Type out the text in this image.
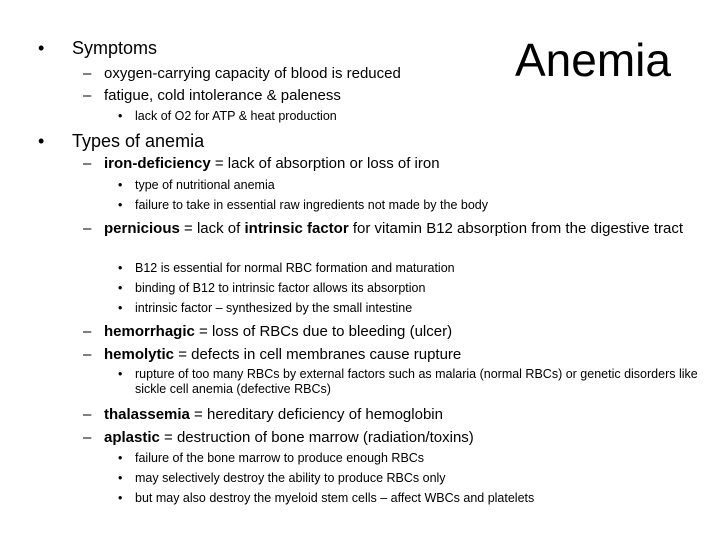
Anemia
• Symptoms
– oxygen-carrying capacity of blood is reduced
– fatigue, cold intolerance & paleness
• lack of O2 for ATP & heat production
• Types of anemia
– iron-deficiency = lack of absorption or loss of iron
• type of nutritional anemia
• failure to take in essential raw ingredients not made by the body
– pernicious = lack of intrinsic factor for vitamin B12 absorption from the digestive tract
• B12 is essential for normal RBC formation and maturation
• binding of B12 to intrinsic factor allows its absorption
• intrinsic factor – synthesized by the small intestine
– hemorrhagic = loss of RBCs due to bleeding (ulcer)
– hemolytic = defects in cell membranes cause rupture
• rupture of too many RBCs by external factors such as malaria (normal RBCs) or genetic disorders like sickle cell anemia (defective RBCs)
– thalassemia = hereditary deficiency of hemoglobin
– aplastic = destruction of bone marrow (radiation/toxins)
• failure of the bone marrow to produce enough RBCs
• may selectively destroy the ability to produce RBCs only
• but may also destroy the myeloid stem cells – affect WBCs and platelets
